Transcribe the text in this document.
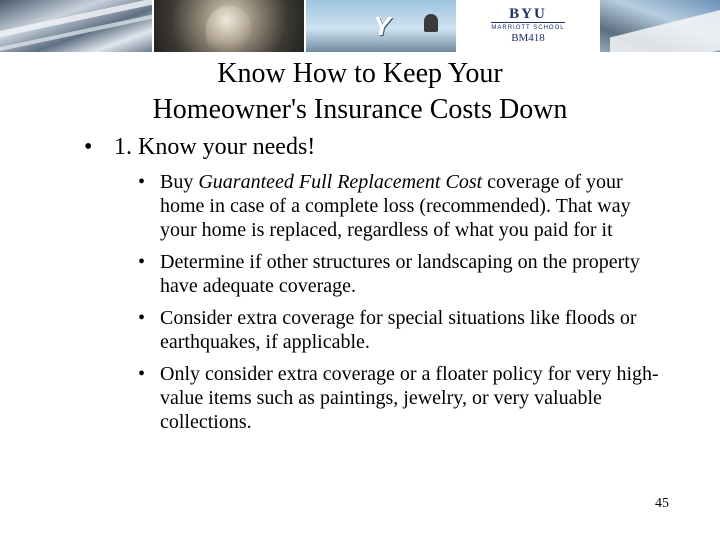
Y	BYU
MARRIOTT SCHOOL
BM418
Know How to Keep Your
Homeowner's Insurance Costs Down
• 1. Know your needs!
• Buy Guaranteed Full Replacement Cost coverage of your home in case of a complete loss (recommended). That way your home is replaced, regardless of what you paid for it
• Determine if other structures or landscaping on the property have adequate coverage.
• Consider extra coverage for special situations like floods or earthquakes, if applicable.
• Only consider extra coverage or a floater policy for very high-value items such as paintings, jewelry, or very valuable collections.
45
